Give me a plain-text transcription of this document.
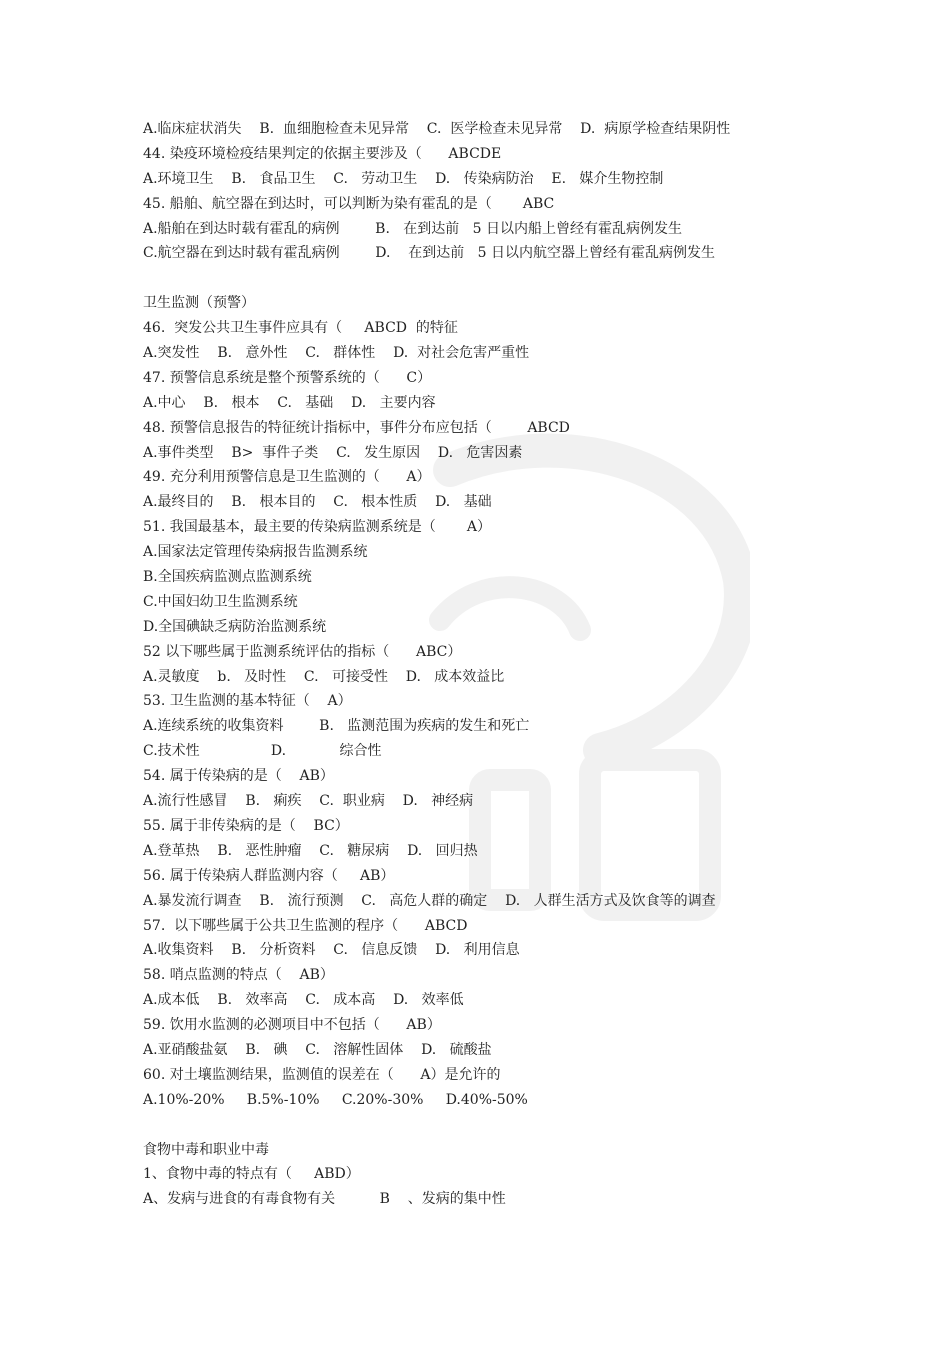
A.临床症状消失    B.  血细胞检查未见异常    C.  医学检查未见异常    D.  病原学检查结果阴性
44. 染疫环境检疫结果判定的依据主要涉及（      ABCDE
A.环境卫生    B.   食品卫生    C.   劳动卫生    D.   传染病防治    E.   媒介生物控制
45. 船舶、航空器在到达时，可以判断为染有霍乱的是（       ABC
A.船舶在到达时载有霍乱的病例        B.   在到达前   5 日以内船上曾经有霍乱病例发生
C.航空器在到达时载有霍乱病例        D.    在到达前   5 日以内航空器上曾经有霍乱病例发生
卫生监测（预警）
46.  突发公共卫生事件应具有（     ABCD  的特征
A.突发性    B.   意外性    C.   群体性    D.  对社会危害严重性
47. 预警信息系统是整个预警系统的（      C）
A.中心    B.   根本    C.   基础    D.   主要内容
48. 预警信息报告的特征统计指标中，事件分布应包括（        ABCD
A.事件类型    B>  事件子类    C.   发生原因    D.   危害因素
49. 充分利用预警信息是卫生监测的（      A）
A.最终目的    B.   根本目的    C.   根本性质    D.   基础
51. 我国最基本，最主要的传染病监测系统是（       A）
A.国家法定管理传染病报告监测系统
B.全国疾病监测点监测系统
C.中国妇幼卫生监测系统
D.全国碘缺乏病防治监测系统
52 以下哪些属于监测系统评估的指标（      ABC）
A.灵敏度    b.   及时性    C.   可接受性    D.   成本效益比
53. 卫生监测的基本特征（    A）
A.连续系统的收集资料        B.   监测范围为疾病的发生和死亡
C.技术性                D.            综合性
54. 属于传染病的是（    AB）
A.流行性感冒    B.   痢疾    C.  职业病    D.   神经病
55. 属于非传染病的是（    BC）
A.登革热    B.   恶性肿瘤    C.   糖尿病    D.   回归热
56. 属于传染病人群监测内容（     AB）
A.暴发流行调查    B.   流行预测    C.   高危人群的确定    D.   人群生活方式及饮食等的调查
57.  以下哪些属于公共卫生监测的程序（      ABCD
A.收集资料    B.   分析资料    C.   信息反馈    D.   利用信息
58. 哨点监测的特点（    AB）
A.成本低    B.   效率高    C.   成本高    D.   效率低
59. 饮用水监测的必测项目中不包括（      AB）
A.亚硝酸盐氨    B.   碘    C.   溶解性固体    D.   硫酸盐
60. 对土壤监测结果，监测值的误差在（      A）是允许的
A.10%-20%     B.5%-10%     C.20%-30%     D.40%-50%
食物中毒和职业中毒
1、食物中毒的特点有（     ABD）
A、发病与进食的有毒食物有关          B    、发病的集中性
